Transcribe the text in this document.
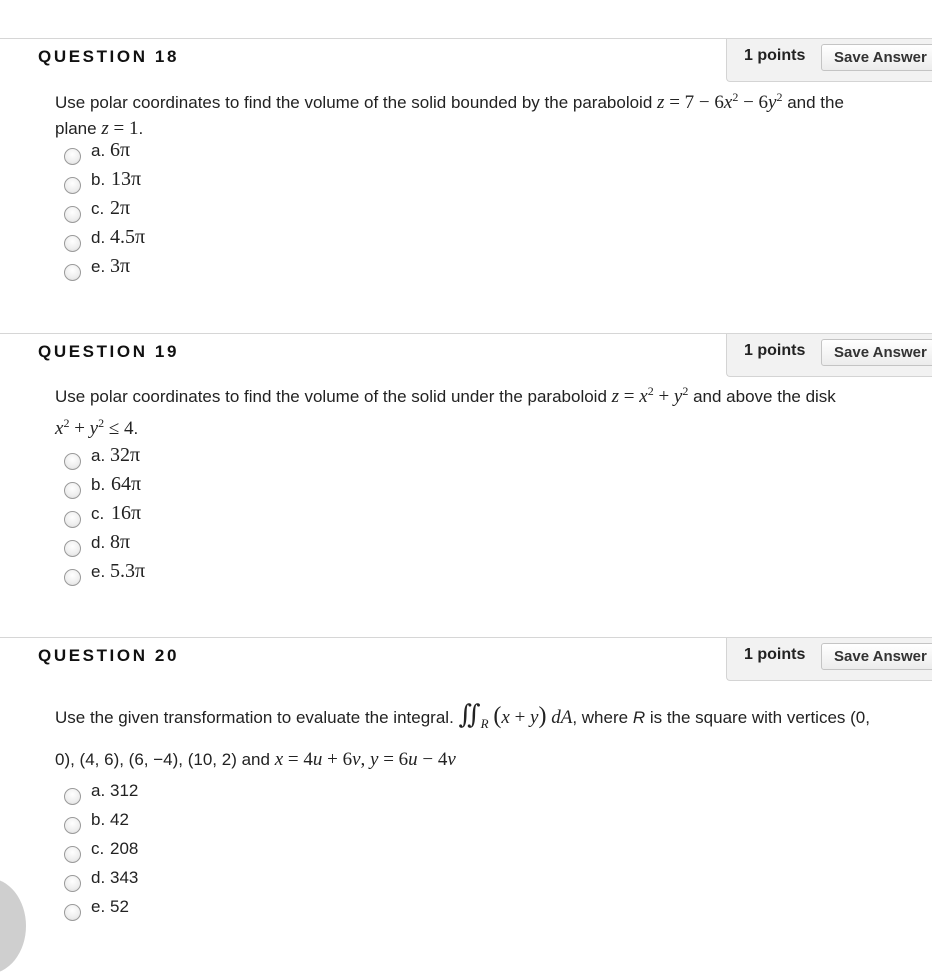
QUESTION 18	1 points	Save Answer
Use polar coordinates to find the volume of the solid bounded by the paraboloid $z = 7 - 6x^2 - 6y^2$ and the
plane z = 1.
a. 6π
b. 13π
c. 2π
d. 4.5π
e. 3π
QUESTION 19	1 points	Save Answer
Use polar coordinates to find the volume of the solid under the paraboloid $z = x^2 + y^2$ and above the disk
$x^2 + y^2 \le 4$.
a. 32π
b. 64π
c. 16π
d. 8π
e. 5.3π
QUESTION 20	1 points	Save Answer
Use the given transformation to evaluate the integral. $∬_R$ (x + y) dA, where R is the square with vertices (0,
0), (4, 6), (6, −4), (10, 2) and x = 4u + 6v, y = 6u − 4v
a. 312
b. 42
c. 208
d. 343
e. 52
